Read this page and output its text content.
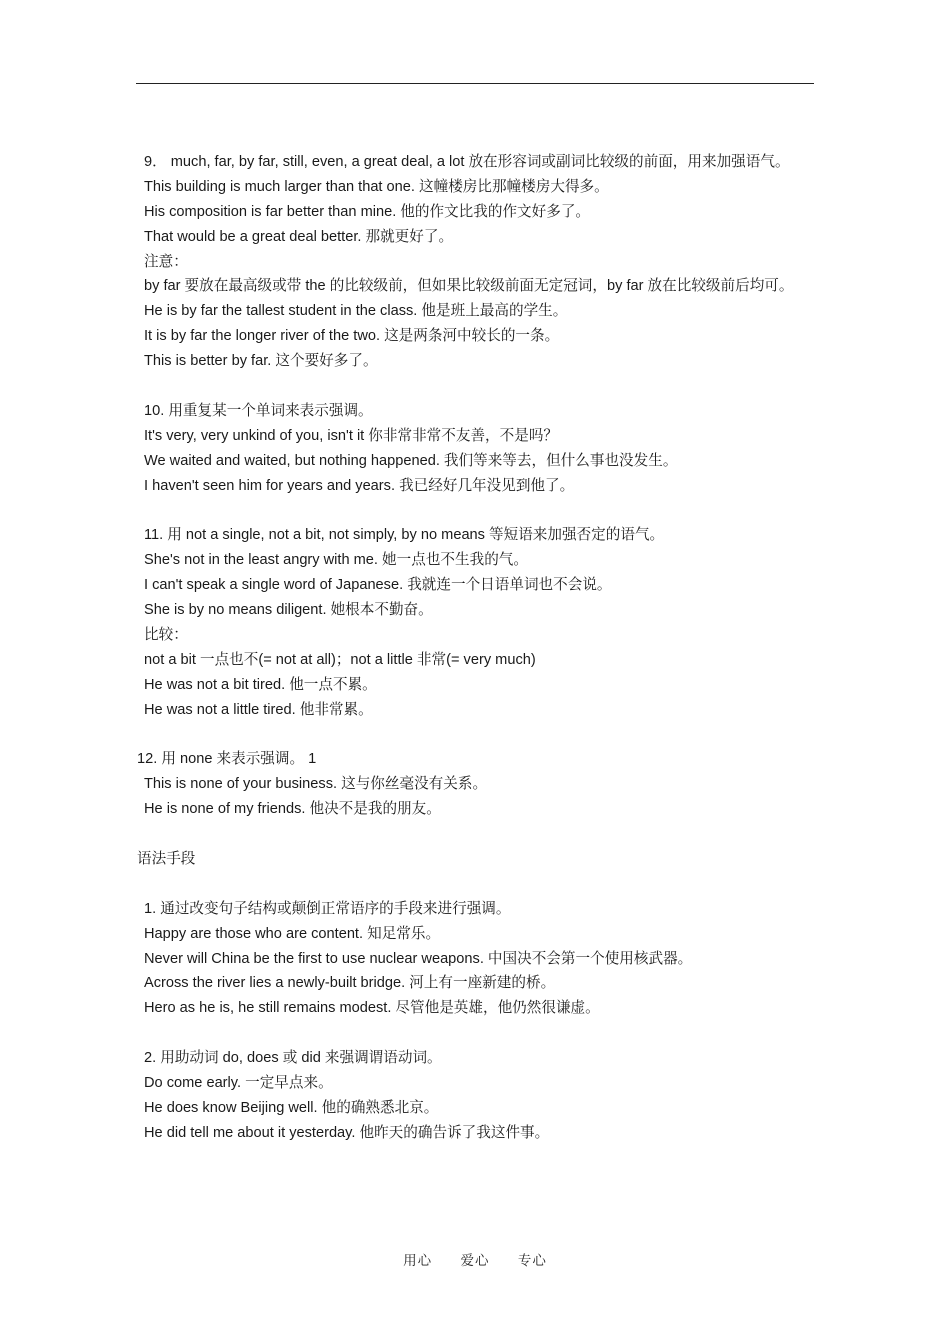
9． much, far, by far, still, even, a great deal, a lot 放在形容词或副词比较级的前面，用来加强语气。
This building is much larger than that one. 这幢楼房比那幢楼房大得多。
His composition is far better than mine. 他的作文比我的作文好多了。
That would be a great deal better. 那就更好了。
注意：
by far 要放在最高级或带 the 的比较级前，但如果比较级前面无定冠词，by far 放在比较级前后均可。
He is by far the tallest student in the class. 他是班上最高的学生。
It is by far the longer river of the two. 这是两条河中较长的一条。
This is better by far. 这个要好多了。
10. 用重复某一个单词来表示强调。
It's very, very unkind of you, isn't it 你非常非常不友善，不是吗？
We waited and waited, but nothing happened. 我们等来等去，但什么事也没发生。
I haven't seen him for years and years. 我已经好几年没见到他了。
11. 用 not a single, not a bit, not simply, by no means 等短语来加强否定的语气。
She's not in the least angry with me. 她一点也不生我的气。
I can't speak a single word of Japanese. 我就连一个日语单词也不会说。
She is by no means diligent. 她根本不勤奋。
比较：
not a bit 一点也不(= not at all)；not a little 非常(= very much)
He was not a bit tired. 他一点不累。
He was not a little tired. 他非常累。
12. 用 none 来表示强调。 1
This is none of your business. 这与你丝毫没有关系。
He is none of my friends. 他决不是我的朋友。
语法手段
1. 通过改变句子结构或颠倒正常语序的手段来进行强调。
Happy are those who are content. 知足常乐。
Never will China be the first to use nuclear weapons. 中国决不会第一个使用核武器。
Across the river lies a newly-built bridge. 河上有一座新建的桥。
Hero as he is, he still remains modest. 尽管他是英雄，他仍然很谦虚。
2. 用助动词 do, does 或 did 来强调谓语动词。
Do come early. 一定早点来。
He does know Beijing well. 他的确熟悉北京。
He did tell me about it yesterday. 他昨天的确告诉了我这件事。
用心 爱心 专心
